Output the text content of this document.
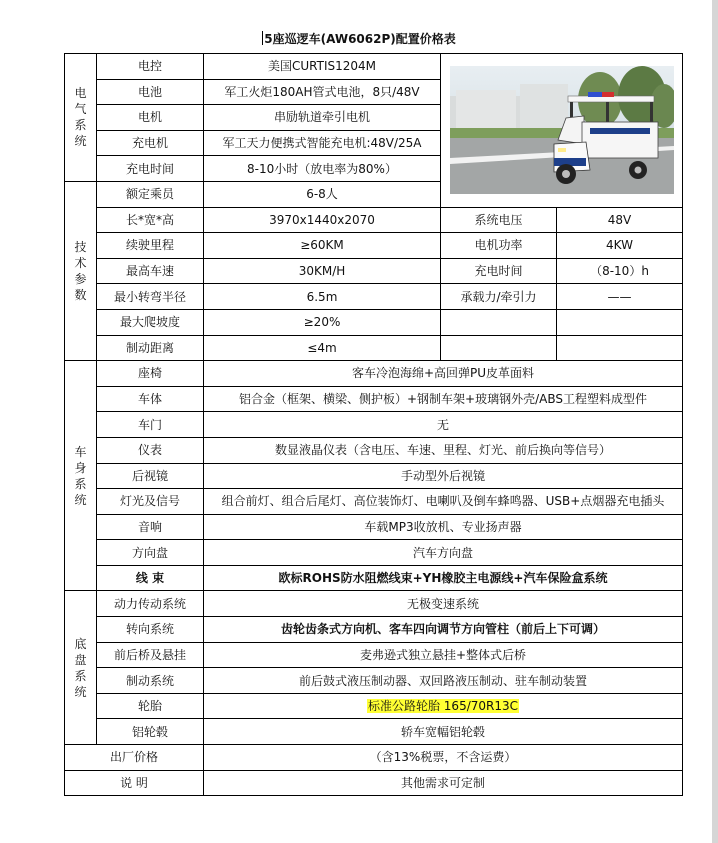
5座巡逻车(AW6062P)配置价格表
电气系统	电控	美国CURTIS1204M	

	电池	军工火炬180AH管式电池，8只/48V		
	电机	串励轨道牵引电机		
	充电机	军工天力便携式智能充电机:48V/25A		
	充电时间	8-10小时（放电率为80%）		
技术参数	额定乘员	6-8人		
	长*宽*高	3970x1440x2070	系统电压	48V
	续驶里程	≥60KM	电机功率	4KW
	最高车速	30KM/H	充电时间	（8-10）h
	最小转弯半径	6.5m	承载力/牵引力	——
	最大爬坡度	≥20%		
	制动距离	≤4m		
车身系统	座椅	客车冷泡海绵+高回弹PU皮革面料		
	车体	铝合金（框架、横梁、侧护板）+钢制车架+玻璃钢外壳/ABS工程塑料成型件		
	车门	无		
	仪表	数显液晶仪表（含电压、车速、里程、灯光、前后换向等信号）		
	后视镜	手动型外后视镜		
	灯光及信号	组合前灯、组合后尾灯、高位装饰灯、电喇叭及倒车蜂鸣器、USB+点烟器充电插头		
	音响	车载MP3收放机、专业扬声器		
	方向盘	汽车方向盘		
	线 束	欧标ROHS防水阻燃线束+YH橡胶主电源线+汽车保险盒系统		
底盘系统	动力传动系统	无极变速系统		
	转向系统	齿轮齿条式方向机、客车四向调节方向管柱（前后上下可调）		
	前后桥及悬挂	麦弗逊式独立悬挂+整体式后桥		
	制动系统	前后鼓式液压制动器、双回路液压制动、驻车制动装置		
	轮胎	标准公路轮胎 165/70R13C		
	铝轮毂	轿车宽幅铝轮毂		
出厂价格		（含13%税票，不含运费）		
说 明		其他需求可定制		
